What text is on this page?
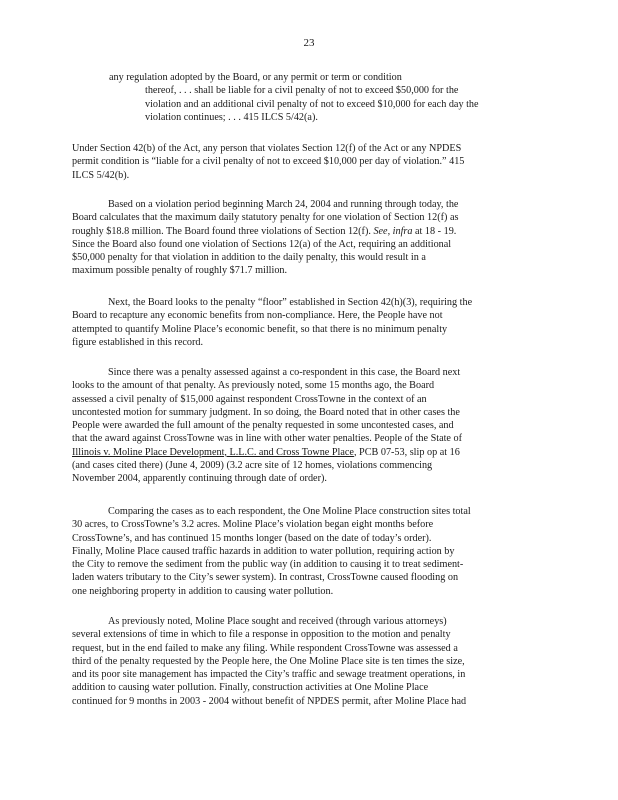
23
any regulation adopted by the Board, or any permit or term or condition
thereof, . . . shall be liable for a civil penalty of not to exceed $50,000 for the
violation and an additional civil penalty of not to exceed $10,000 for each day the
violation continues; . . . 415 ILCS 5/42(a).
Under Section 42(b) of the Act, any person that violates Section 12(f) of the Act or any NPDES
permit condition is “liable for a civil penalty of not to exceed $10,000 per day of violation.” 415
ILCS 5/42(b).
Based on a violation period beginning March 24, 2004 and running through today, the
Board calculates that the maximum daily statutory penalty for one violation of Section 12(f) as
roughly $18.8 million. The Board found three violations of Section 12(f). See, infra at 18 - 19.
Since the Board also found one violation of Sections 12(a) of the Act, requiring an additional
$50,000 penalty for that violation in addition to the daily penalty, this would result in a
maximum possible penalty of roughly $71.7 million.
Next, the Board looks to the penalty “floor” established in Section 42(h)(3), requiring the
Board to recapture any economic benefits from non-compliance. Here, the People have not
attempted to quantify Moline Place’s economic benefit, so that there is no minimum penalty
figure established in this record.
Since there was a penalty assessed against a co-respondent in this case, the Board next
looks to the amount of that penalty. As previously noted, some 15 months ago, the Board
assessed a civil penalty of $15,000 against respondent CrossTowne in the context of an
uncontested motion for summary judgment. In so doing, the Board noted that in other cases the
People were awarded the full amount of the penalty requested in some uncontested cases, and
that the award against CrossTowne was in line with other water penalties. People of the State of
Illinois v. Moline Place Development, L.L.C. and Cross Towne Place, PCB 07-53, slip op at 16
(and cases cited there) (June 4, 2009) (3.2 acre site of 12 homes, violations commencing
November 2004, apparently continuing through date of order).
Comparing the cases as to each respondent, the One Moline Place construction sites total
30 acres, to CrossTowne’s 3.2 acres. Moline Place’s violation began eight months before
CrossTowne’s, and has continued 15 months longer (based on the date of today’s order).
Finally, Moline Place caused traffic hazards in addition to water pollution, requiring action by
the City to remove the sediment from the public way (in addition to causing it to treat sediment-
laden waters tributary to the City’s sewer system). In contrast, CrossTowne caused flooding on
one neighboring property in addition to causing water pollution.
As previously noted, Moline Place sought and received (through various attorneys)
several extensions of time in which to file a response in opposition to the motion and penalty
request, but in the end failed to make any filing. While respondent CrossTowne was assessed a
third of the penalty requested by the People here, the One Moline Place site is ten times the size,
and its poor site management has impacted the City’s traffic and sewage treatment operations, in
addition to causing water pollution. Finally, construction activities at One Moline Place
continued for 9 months in 2003 - 2004 without benefit of NPDES permit, after Moline Place had
